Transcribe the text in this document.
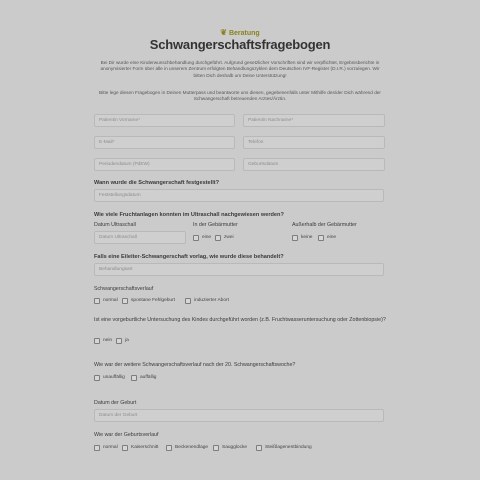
❦ Beratung
Schwangerschaftsfragebogen
Bei Dir wurde eine Kinderwunschbehandlung durchgeführt. Aufgrund gesetzlicher Vorschriften sind wir verpflichtet, Ergebnisberichte in anonymisierter Form über alle in unserem Zentrum erfolgten Behandlungszyklen dem Deutschen IVF-Register (D.I.R.) vorzulegen. Wir bitten Dich deshalb um Deine Unterstützung!
Bitte lege diesen Fragebogen in Deinen Mutterpass und beantworte uns diesen, gegebenenfalls unter Mithilfe des/der Dich während der Schwangerschaft betreuenden Arztes/Ärztin.
Patientin Vorname*	Patientin Nachname*
E-Mail*	Telefon
Periodendatum (PdEW)	Geburtsdatum
Wann wurde die Schwangerschaft festgestellt?
Feststellungsdatum
Wie viele Fruchtanlagen konnten im Ultraschall nachgewiesen werden?
Datum Ultraschall
Datum Ultraschall
In der Gebärmutter
eine	zwei
Außerhalb der Gebärmutter
keine	eine
Falls eine Eileiter-Schwangerschaft vorlag, wie wurde diese behandelt?
Behandlungsart
Schwangerschaftsverlauf
normal	spontane Fehlgeburt	induzierter Abort
Ist eine vorgeburtliche Untersuchung des Kindes durchgeführt worden (z.B. Fruchtwasseruntersuchung oder Zottenbiopsie)?
nein	ja
Wie war der weitere Schwangerschaftsverlauf nach der 20. Schwangerschaftswoche?
unauffällig	auffällig
Datum der Geburt
Datum der Geburt
Wie war der Geburtsverlauf
normal	Kaiserschnitt	Beckenendlage	Saugglocke	Steißlagenentbindung
